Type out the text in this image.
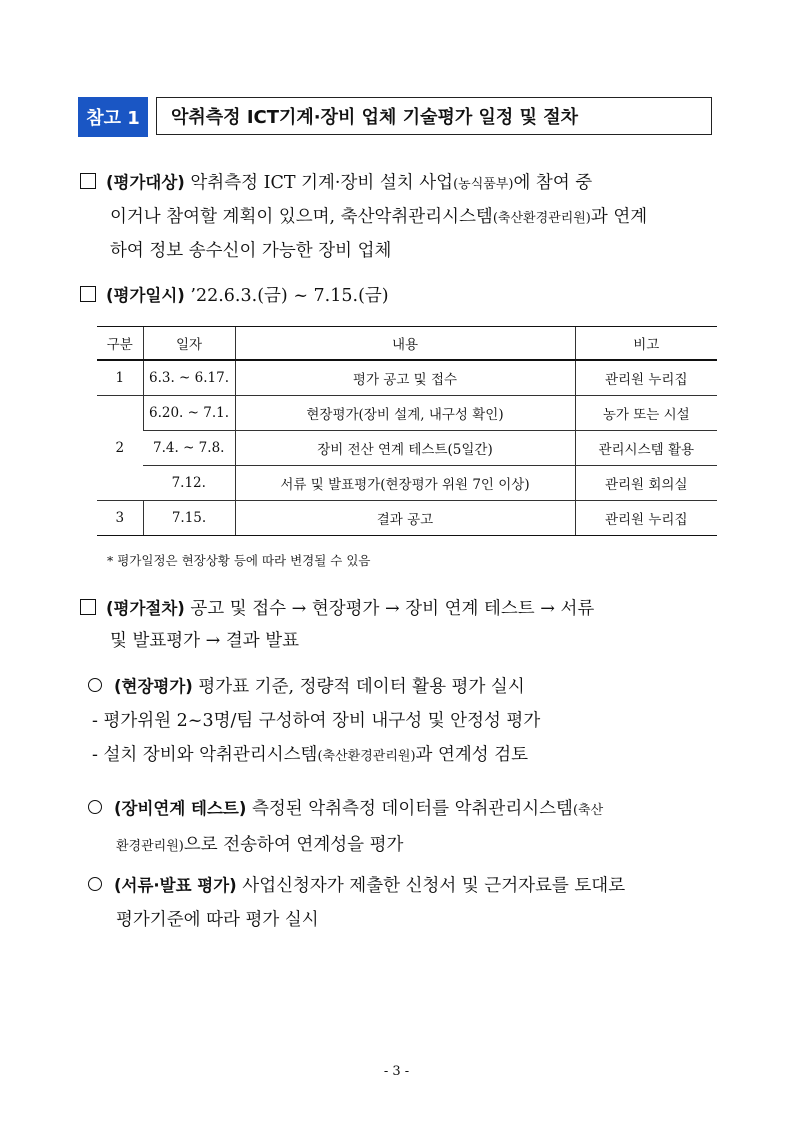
참고 1	악취측정 ICT기계·장비 업체 기술평가 일정 및 절차
(평가대상) 악취측정 ICT 기계·장비 설치 사업(농식품부)에 참여 중
이거나 참여할 계획이 있으며, 축산악취관리시스템(축산환경관리원)과 연계
하여 정보 송수신이 가능한 장비 업체
(평가일시) ’22.6.3.(금) ~ 7.15.(금)
구분	일자	내용	비고
1	6.3. ~ 6.17.	평가 공고 및 접수	관리원 누리집
2	6.20. ~ 7.1.	현장평가(장비 설계, 내구성 확인)	농가 또는 시설
	7.4. ~ 7.8.	장비 전산 연계 테스트(5일간)	관리시스템 활용
	7.12.	서류 및 발표평가(현장평가 위원 7인 이상)	관리원 회의실
3	7.15.	결과 공고	관리원 누리집
* 평가일정은 현장상황 등에 따라 변경될 수 있음
(평가절차) 공고 및 접수 → 현장평가 → 장비 연계 테스트 → 서류
및 발표평가 → 결과 발표
(현장평가) 평가표 기준, 정량적 데이터 활용 평가 실시
- 평가위원 2~3명/팀 구성하여 장비 내구성 및 안정성 평가
- 설치 장비와 악취관리시스템(축산환경관리원)과 연계성 검토
(장비연계 테스트) 측정된 악취측정 데이터를 악취관리시스템(축산
환경관리원)으로 전송하여 연계성을 평가
(서류·발표 평가) 사업신청자가 제출한 신청서 및 근거자료를 토대로
평가기준에 따라 평가 실시
- 3 -
